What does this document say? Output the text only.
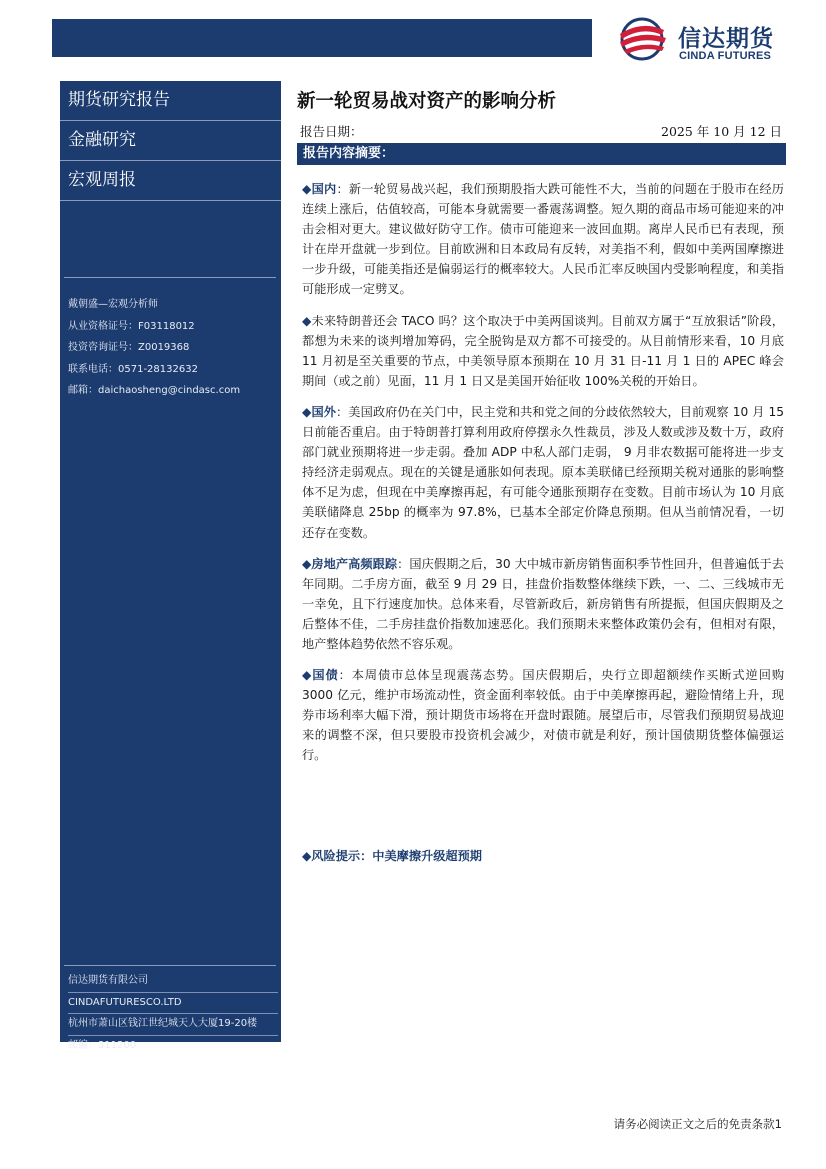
信达期货
CINDA FUTURES
期货研究报告
金融研究
宏观周报
戴朝盛—宏观分析师
从业资格证号：F03118012
投资咨询证号：Z0019368
联系电话：0571-28132632
邮箱：daichaosheng@cindasc.com
信达期货有限公司
CINDAFUTURESCO.LTD
杭州市萧山区钱江世纪城天人大厦19-20楼
邮编：311200
新一轮贸易战对资产的影响分析
报告日期：	2025 年 10 月 12 日
报告内容摘要：

◆国内：新一轮贸易战兴起，我们预期股指大跌可能性不大，当前的问题在于股市在经历连续上涨后，估值较高，可能本身就需要一番震荡调整。短久期的商品市场可能迎来的冲击会相对更大。建议做好防守工作。债市可能迎来一波回血期。离岸人民币已有表现，预计在岸开盘就一步到位。目前欧洲和日本政局有反转，对美指不利，假如中美两国摩擦进一步升级，可能美指还是偏弱运行的概率较大。人民币汇率反映国内受影响程度，和美指可能形成一定劈叉。

◆未来特朗普还会 TACO 吗？这个取决于中美两国谈判。目前双方属于“互放狠话”阶段，都想为未来的谈判增加筹码，完全脱钩是双方都不可接受的。从目前情形来看，10 月底 11 月初是至关重要的节点，中美领导原本预期在 10 月 31 日-11 月 1 日的 APEC 峰会期间（或之前）见面，11 月 1 日又是美国开始征收 100%关税的开始日。

◆国外：美国政府仍在关门中，民主党和共和党之间的分歧依然较大，目前观察 10 月 15 日前能否重启。由于特朗普打算利用政府停摆永久性裁员，涉及人数或涉及数十万，政府部门就业预期将进一步走弱。叠加 ADP 中私人部门走弱， 9 月非农数据可能将进一步支持经济走弱观点。现在的关键是通胀如何表现。原本美联储已经预期关税对通胀的影响整体不足为虑，但现在中美摩擦再起，有可能令通胀预期存在变数。目前市场认为 10 月底美联储降息 25bp 的概率为 97.8%，已基本全部定价降息预期。但从当前情况看，一切还存在变数。

◆房地产高频跟踪：国庆假期之后，30 大中城市新房销售面积季节性回升，但普遍低于去年同期。二手房方面，截至 9 月 29 日，挂盘价指数整体继续下跌，一、二、三线城市无一幸免，且下行速度加快。总体来看，尽管新政后，新房销售有所提振，但国庆假期及之后整体不佳，二手房挂盘价指数加速恶化。我们预期未来整体政策仍会有，但相对有限，地产整体趋势依然不容乐观。

◆国债：本周债市总体呈现震荡态势。国庆假期后，央行立即超额续作买断式逆回购 3000 亿元，维护市场流动性，资金面利率较低。由于中美摩擦再起，避险情绪上升，现券市场利率大幅下滑，预计期货市场将在开盘时跟随。展望后市，尽管我们预期贸易战迎来的调整不深，但只要股市投资机会减少，对债市就是利好，预计国债期货整体偏强运行。

◆风险提示：中美摩擦升级超预期
请务必阅读正文之后的免责条款1
